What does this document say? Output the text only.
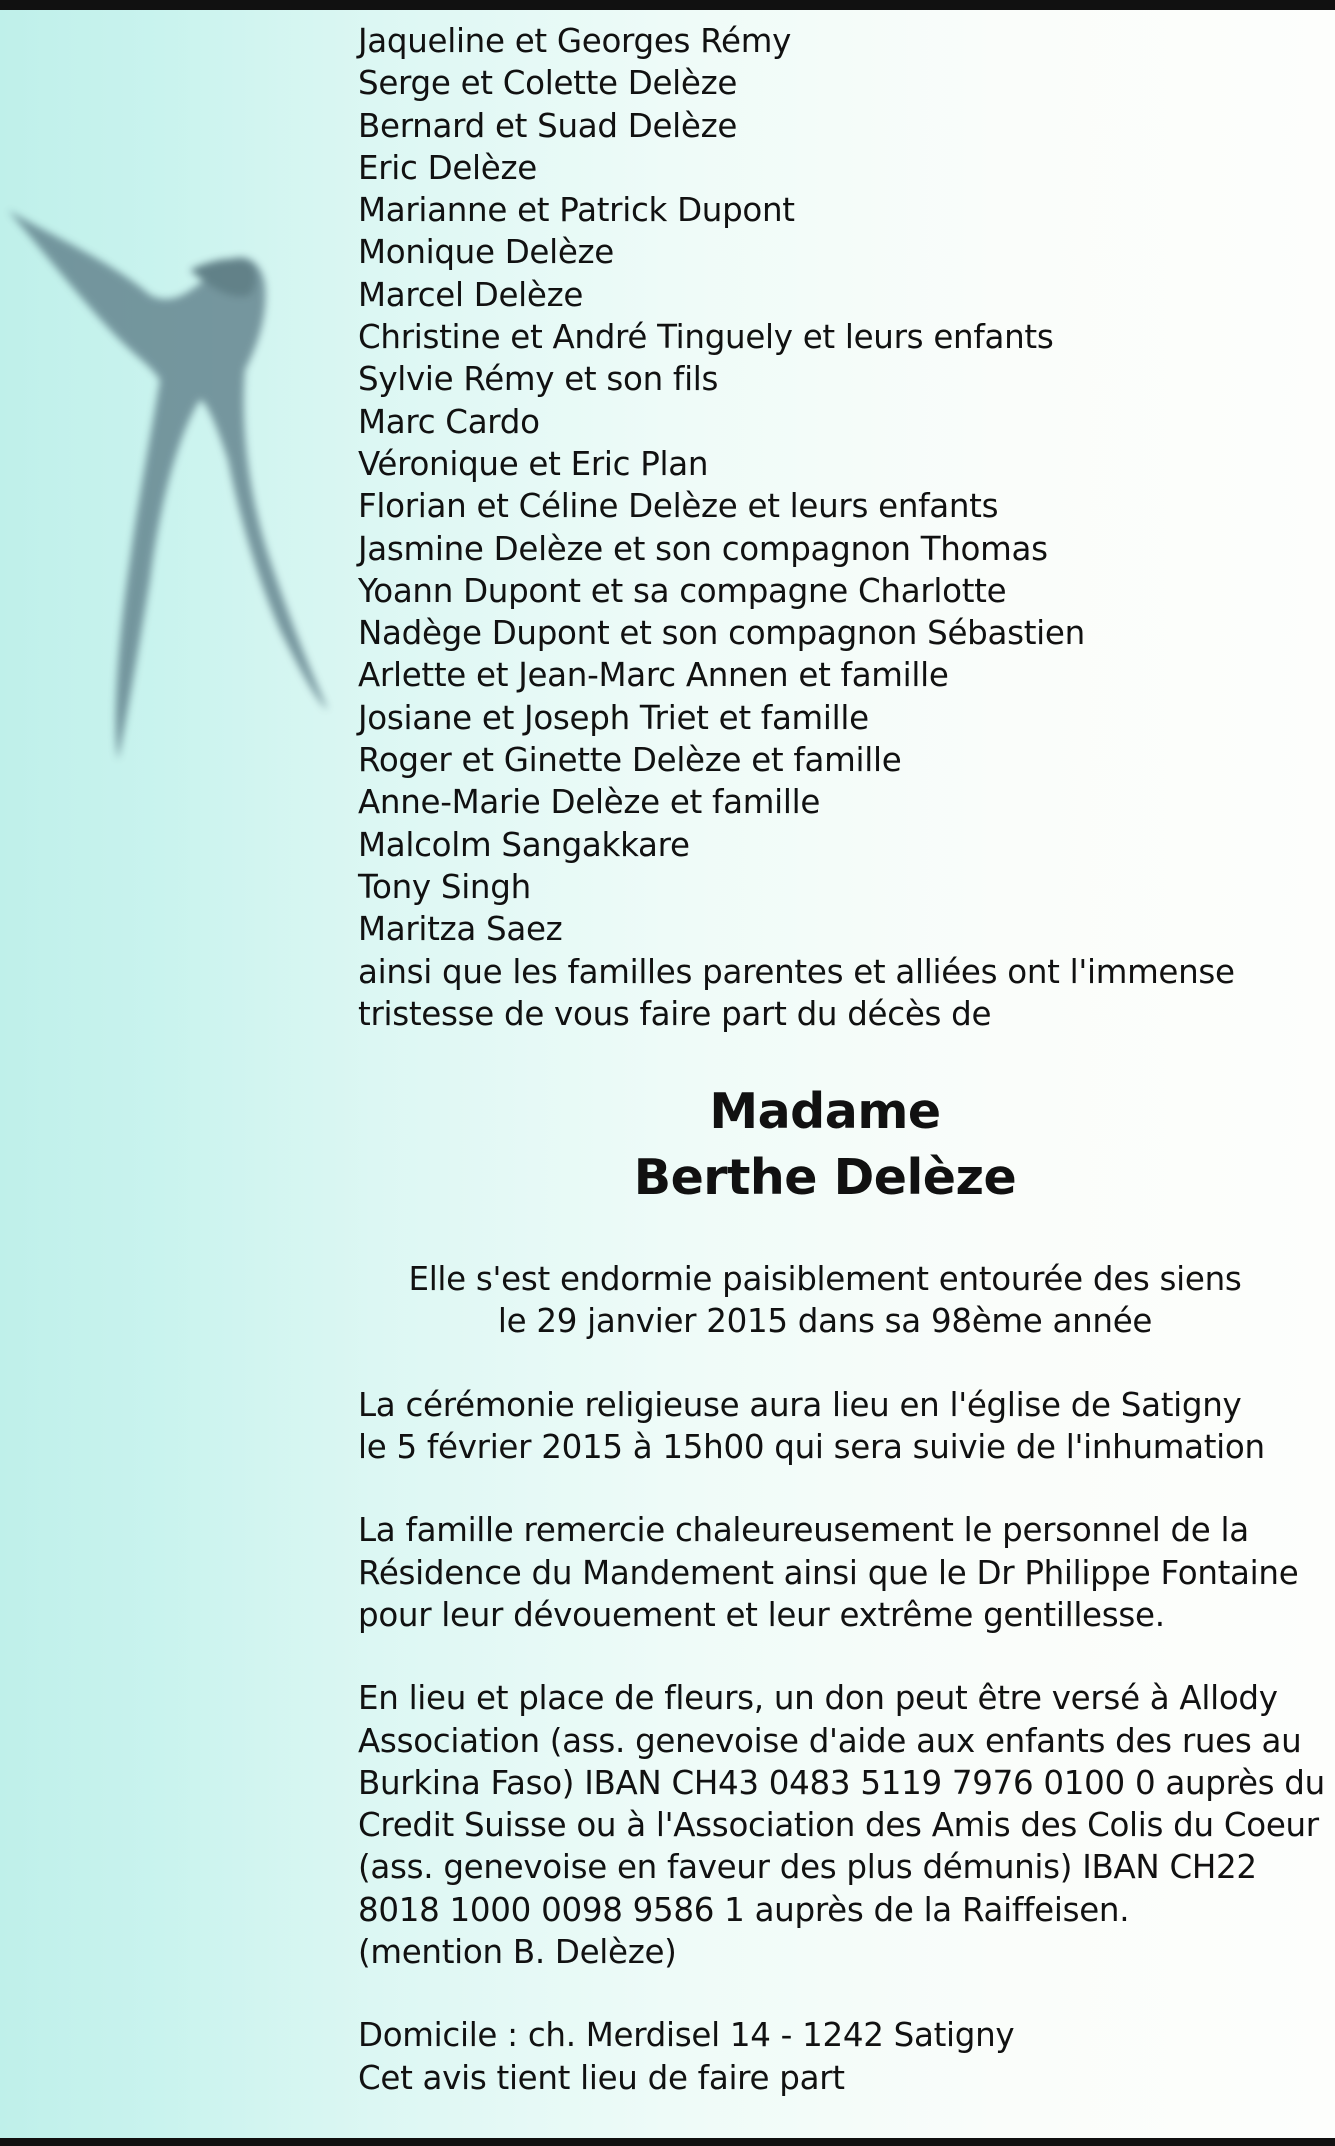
Jaqueline et Georges Rémy
Serge et Colette Delèze
Bernard et Suad Delèze
Eric Delèze
Marianne et Patrick Dupont
Monique Delèze
Marcel Delèze
Christine et André Tinguely et leurs enfants
Sylvie Rémy et son fils
Marc Cardo
Véronique et Eric Plan
Florian et Céline Delèze et leurs enfants
Jasmine Delèze et son compagnon Thomas
Yoann Dupont et sa compagne Charlotte
Nadège Dupont et son compagnon Sébastien
Arlette et Jean-Marc Annen et famille
Josiane et Joseph Triet et famille
Roger et Ginette Delèze et famille
Anne-Marie Delèze et famille
Malcolm Sangakkare
Tony Singh
Maritza Saez
ainsi que les familles parentes et alliées ont l'immense
tristesse de vous faire part du décès de
Madame
Berthe Delèze
Elle s'est endormie paisiblement entourée des siens
le 29 janvier 2015 dans sa 98ème année
La cérémonie religieuse aura lieu en l'église de Satigny
le 5 février 2015 à 15h00 qui sera suivie de l'inhumation
La famille remercie chaleureusement le personnel de la
Résidence du Mandement ainsi que le Dr Philippe Fontaine
pour leur dévouement et leur extrême gentillesse.
En lieu et place de fleurs, un don peut être versé à Allody
Association (ass. genevoise d'aide aux enfants des rues au
Burkina Faso) IBAN CH43 0483 5119 7976 0100 0 auprès du
Credit Suisse ou à l'Association des Amis des Colis du Coeur
(ass. genevoise en faveur des plus démunis) IBAN CH22
8018 1000 0098 9586 1 auprès de la Raiffeisen.
(mention B. Delèze)
Domicile : ch. Merdisel 14 - 1242 Satigny
Cet avis tient lieu de faire part
